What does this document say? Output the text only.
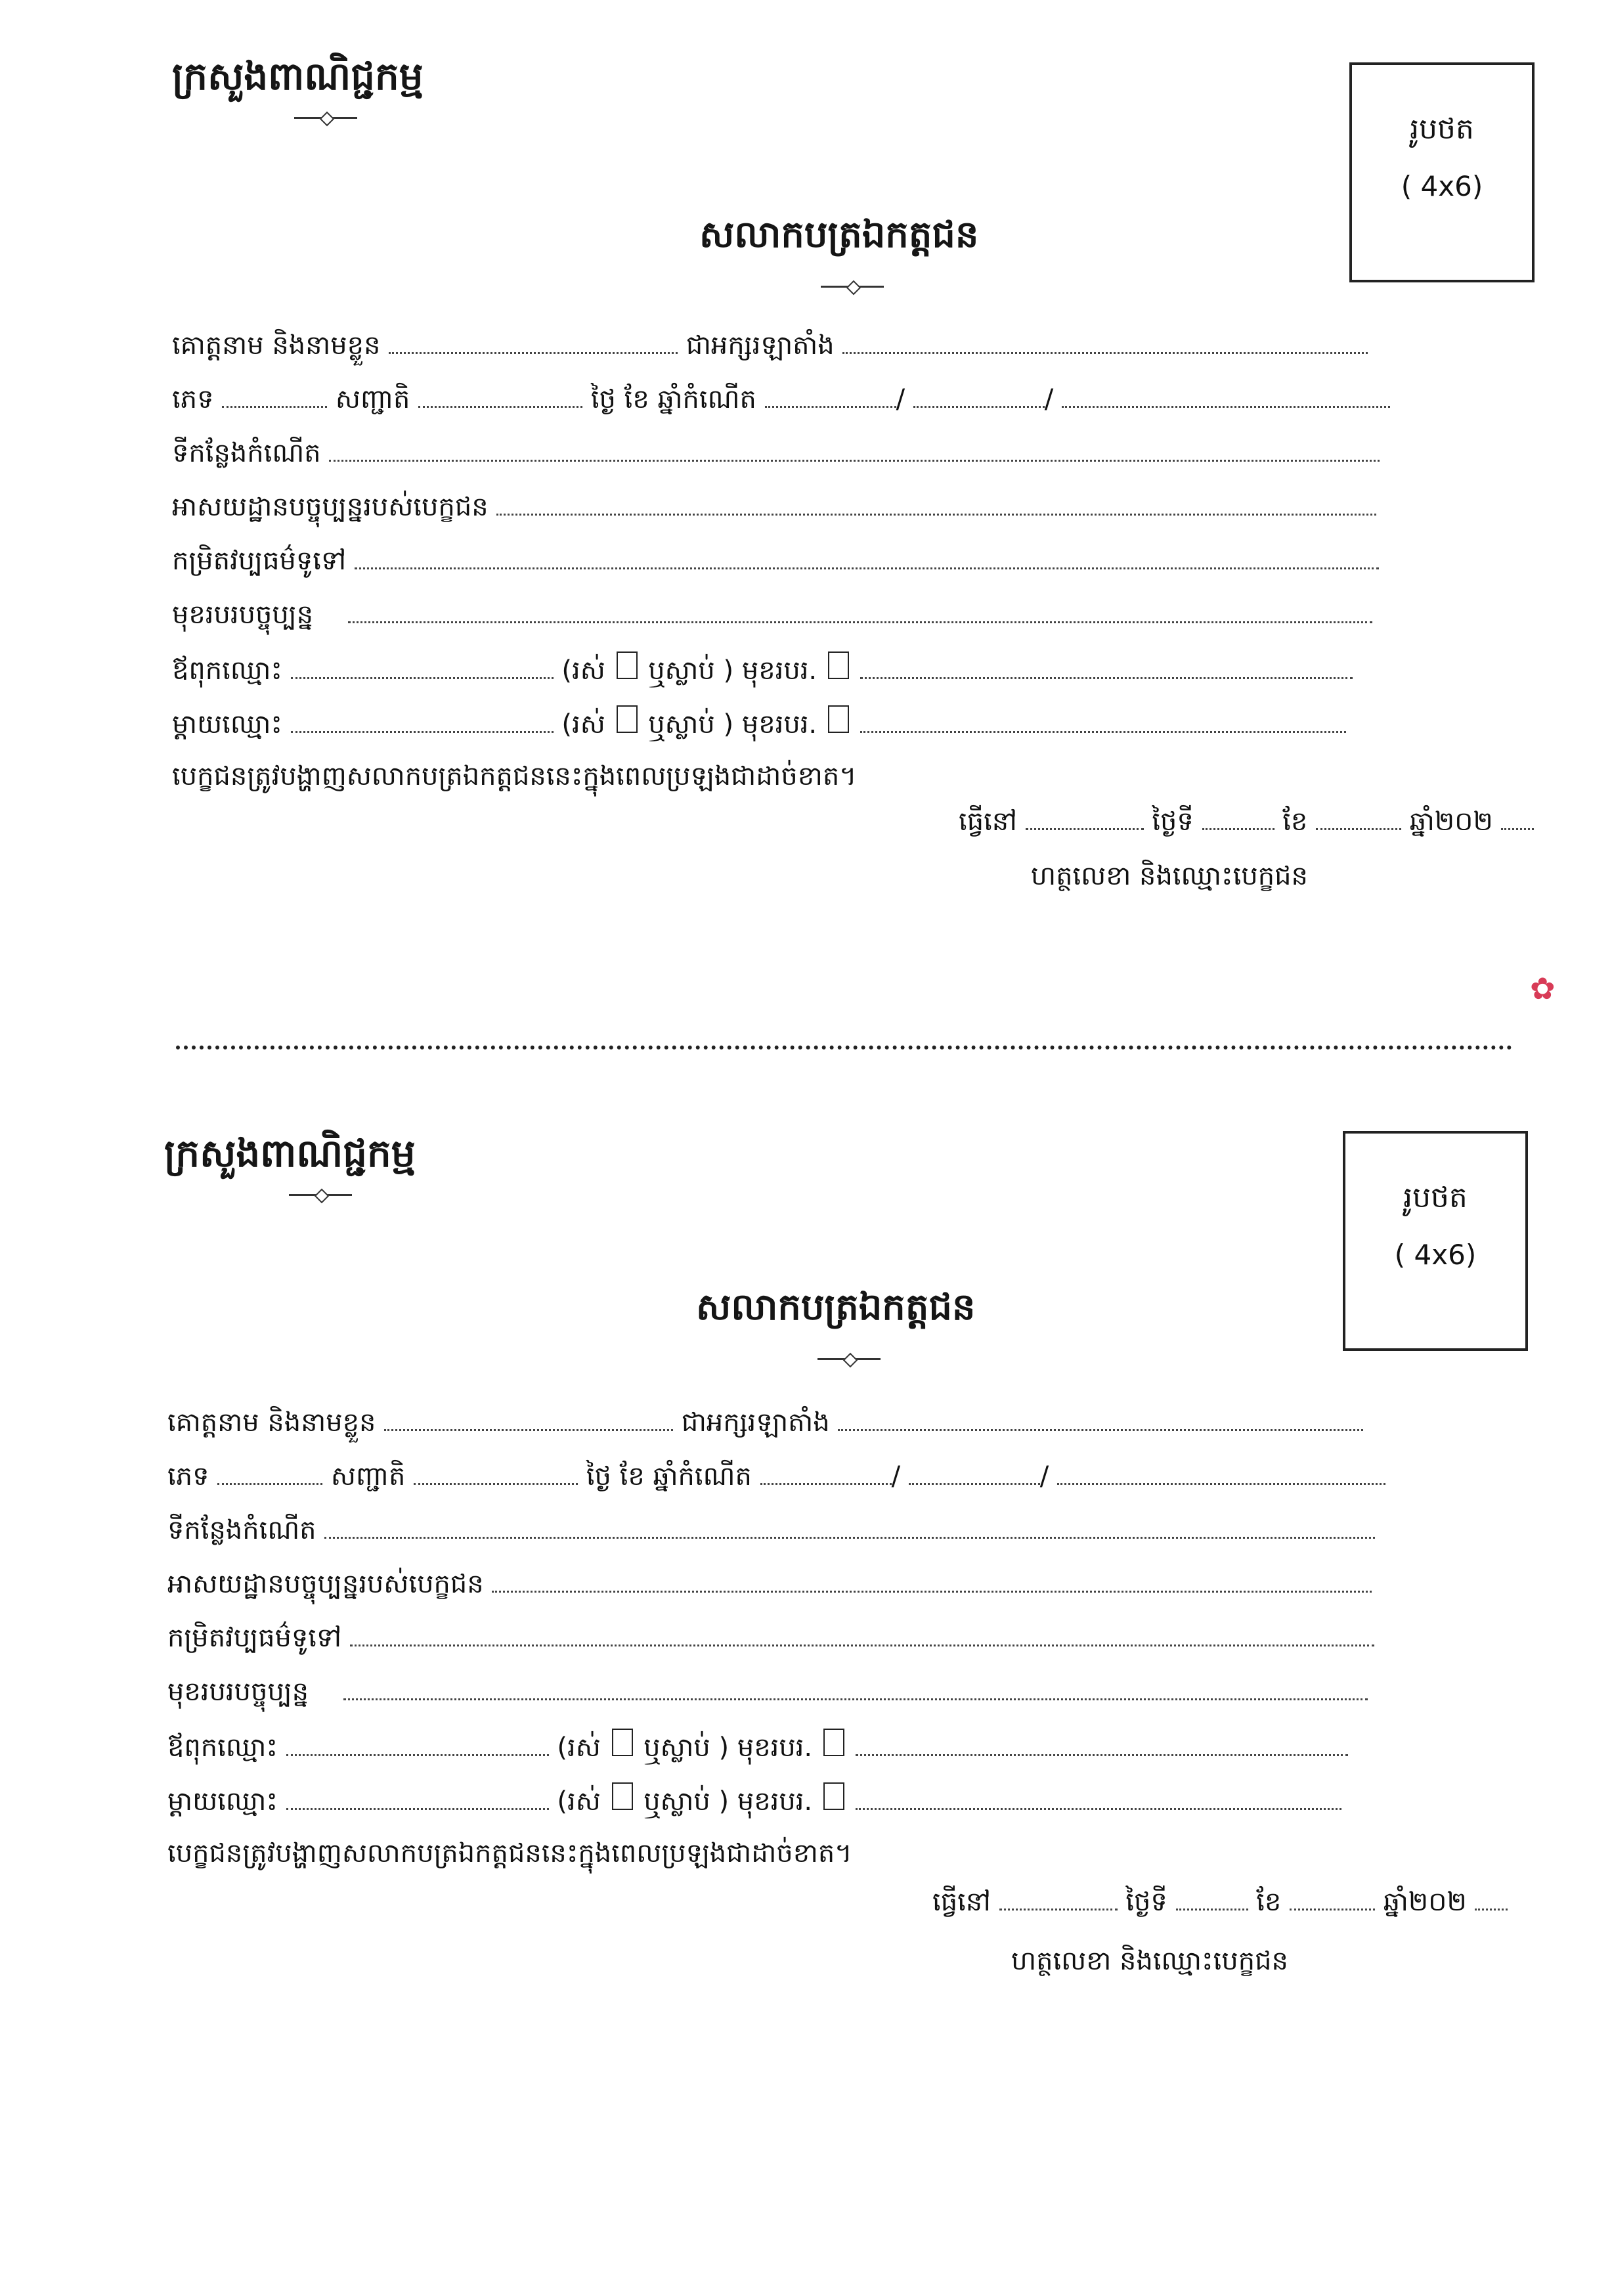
ក្រសួងពាណិជ្ជកម្ម
រូបថត
( 4x6)
សលាកបត្រឯកត្តជន
គោត្តនាម និងនាមខ្លួន	ជាអក្សរឡាតាំង
ភេទ	សញ្ជាតិ	ថ្ងៃ ខែ ឆ្នាំកំណើត	/	/
ទីកន្លែងកំណើត
អាសយដ្ឋានបច្ចុប្បន្នរបស់បេក្ខជន
កម្រិតវប្បធម៌ទូទៅ
មុខរបរបច្ចុប្បន្ន
ឪពុកឈ្មោះ	(រស់ ឬស្លាប់ ) មុខរបរ.
ម្តាយឈ្មោះ	(រស់ ឬស្លាប់ ) មុខរបរ.
បេក្ខជនត្រូវបង្ហាញសលាកបត្រឯកត្តជននេះក្នុងពេលប្រឡងជាដាច់ខាត។
ធ្វើនៅ	ថ្ងៃទី	ខែ	ឆ្នាំ២០២
ហត្ថលេខា និងឈ្មោះបេក្ខជន
✿
ក្រសួងពាណិជ្ជកម្ម
រូបថត
( 4x6)
សលាកបត្រឯកត្តជន
គោត្តនាម និងនាមខ្លួន	ជាអក្សរឡាតាំង
ភេទ	សញ្ជាតិ	ថ្ងៃ ខែ ឆ្នាំកំណើត	/	/
ទីកន្លែងកំណើត
អាសយដ្ឋានបច្ចុប្បន្នរបស់បេក្ខជន
កម្រិតវប្បធម៌ទូទៅ
មុខរបរបច្ចុប្បន្ន
ឪពុកឈ្មោះ	(រស់ ឬស្លាប់ ) មុខរបរ.
ម្តាយឈ្មោះ	(រស់ ឬស្លាប់ ) មុខរបរ.
បេក្ខជនត្រូវបង្ហាញសលាកបត្រឯកត្តជននេះក្នុងពេលប្រឡងជាដាច់ខាត។
ធ្វើនៅ	ថ្ងៃទី	ខែ	ឆ្នាំ២០២
ហត្ថលេខា និងឈ្មោះបេក្ខជន
